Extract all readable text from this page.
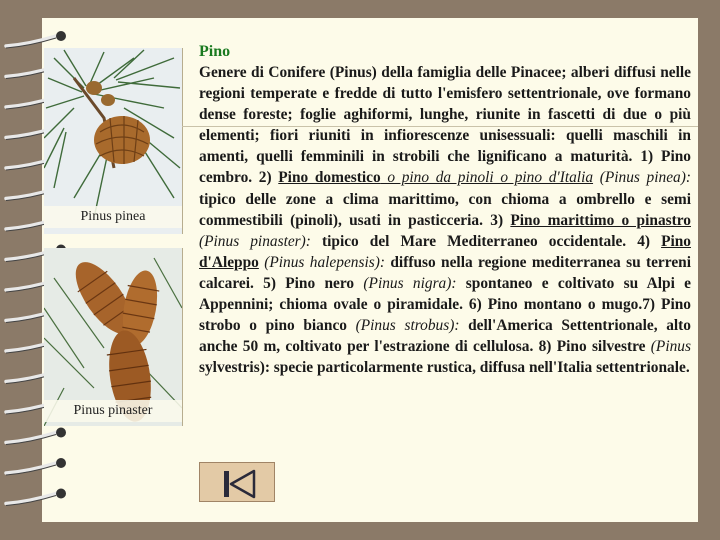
Pinus pinea
Pinus pinaster
Pino
Genere di Conifere (Pinus) della famiglia delle Pinacee; alberi diffusi nelle regioni temperate e fredde di tutto l'emisfero settentrionale, ove formano dense foreste; foglie aghiformi, lunghe, riunite in fascetti di due o più elementi; fiori riuniti in infiorescenze unisessuali: quelli maschili in amenti, quelli femminili in strobili che lignificano a maturità. 1) Pino cembro. 2) Pino domestico o pino da pinoli o pino d'Italia (Pinus pinea): tipico delle zone a clima marittimo, con chioma a ombrello e semi commestibili (pinoli), usati in pasticceria. 3) Pino marittimo o pinastro (Pinus pinaster): tipico del Mare Mediterraneo occidentale. 4) Pino d'Aleppo (Pinus halepensis): diffuso nella regione mediterranea su terreni calcarei. 5) Pino nero (Pinus nigra): spontaneo e coltivato su Alpi e Appennini; chioma ovale o piramidale. 6) Pino montano o mugo.7) Pino strobo o pino bianco (Pinus strobus): dell'America Settentrionale, alto anche 50 m, coltivato per l'estrazione di cellulosa. 8) Pino silvestre (Pinus sylvestris): specie particolarmente rustica, diffusa nell'Italia settentrionale.
